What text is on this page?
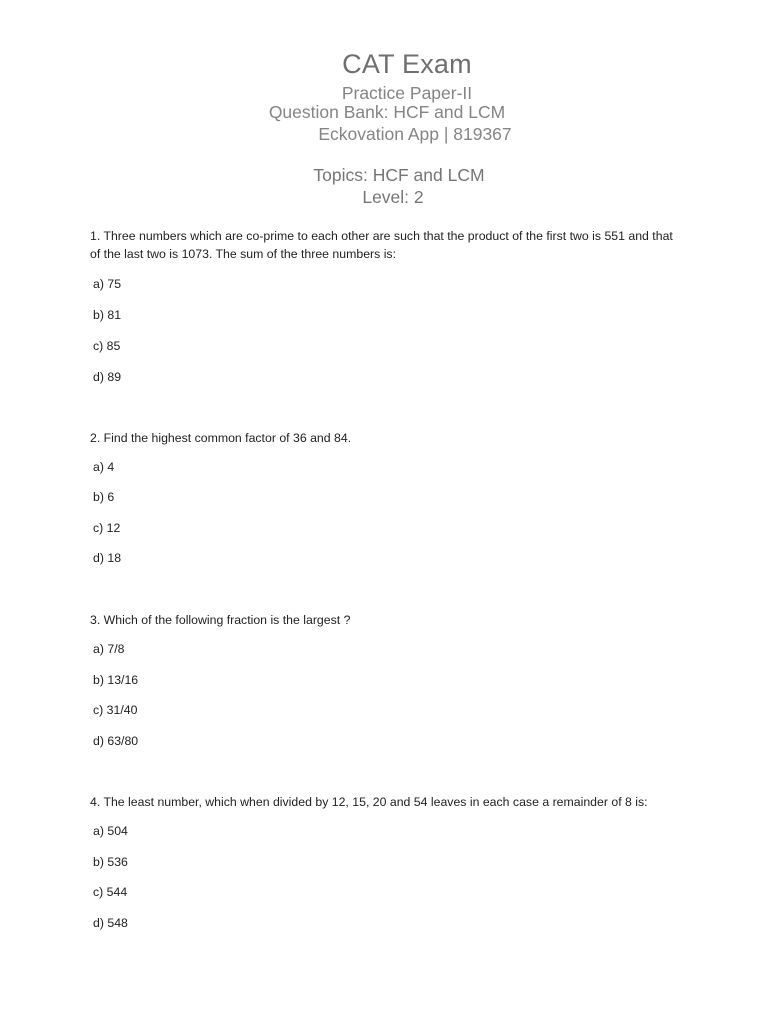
CAT Exam

Practice Paper-II

Question Bank: HCF and LCM

Eckovation App | 819367

Topics: HCF and LCM

Level: 2

1. Three numbers which are co-prime to each other are such that the product of the first two is 551 and that of the last two is 1073. The sum of the three numbers is:

a) 75
b) 81
c) 85
d) 89

2. Find the highest common factor of 36 and 84.

a) 4
b) 6
c) 12
d) 18

3. Which of the following fraction is the largest ?

a) 7/8
b) 13/16
c) 31/40
d) 63/80

4. The least number, which when divided by 12, 15, 20 and 54 leaves in each case a remainder of 8 is:

a) 504
b) 536
c) 544
d) 548
